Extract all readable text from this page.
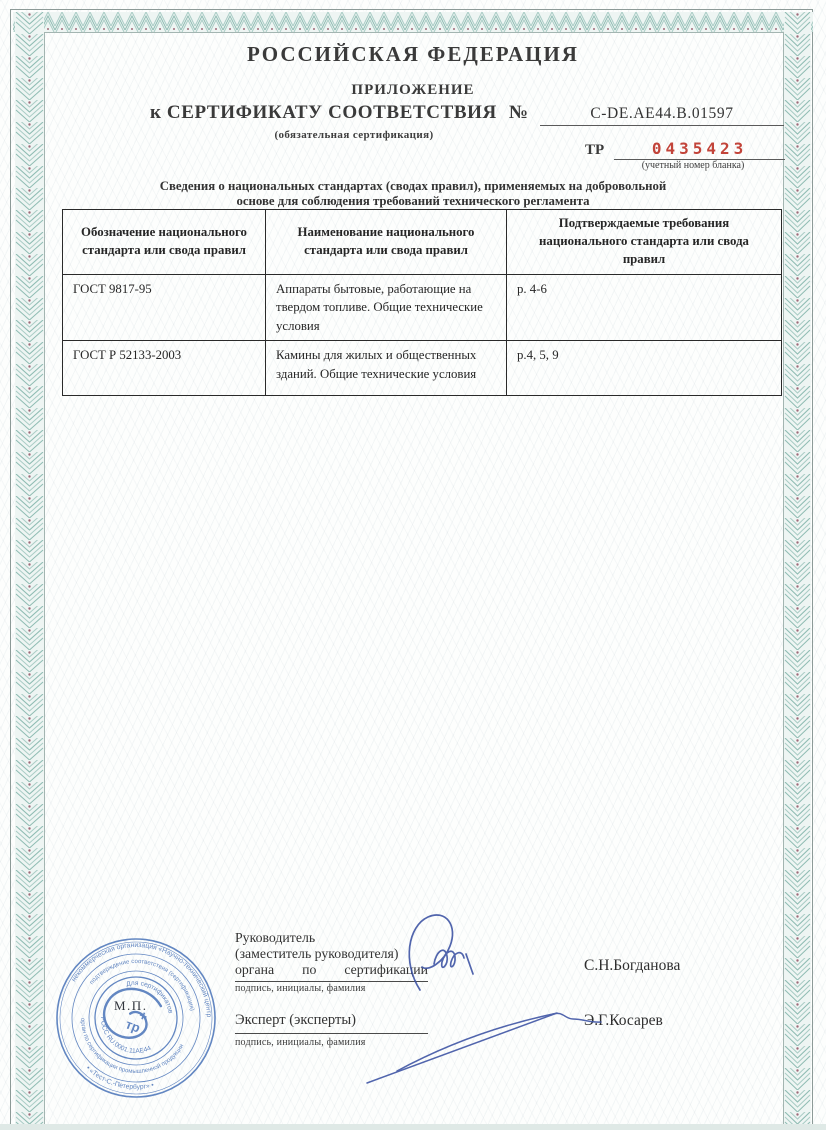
РОССИЙСКАЯ ФЕДЕРАЦИЯ
ПРИЛОЖЕНИЕ
к СЕРТИФИКАТУ СООТВЕТСТВИЯ №	C-DE.AE44.B.01597
(обязательная сертификация)
ТР	0435423
(учетный номер бланка)
Сведения о национальных стандартах (сводах правил), применяемых на добровольной
основе для соблюдения требований технического регламента
Обозначение национального стандарта или свода правил	Наименование национального стандарта или свода правил	Подтверждаемые требования национального стандарта или свода правил
ГОСТ 9817-95	Аппараты бытовые, работающие на твердом топливе. Общие технические условия	р. 4-6
ГОСТ Р 52133-2003	Камины для жилых и общественных зданий. Общие технические условия	р.4, 5, 9
Руководитель
(заместитель руководителя)
органа по сертификации
подпись, инициалы, фамилия
С.Н.Богданова
Эксперт (эксперты)
подпись, инициалы, фамилия
Э.Г.Косарев
М.П.
некоммерческая организация «Научно-технический центр
• «Тест-С.-Петербург» •
подтверждение соответствия (сертификация)
орган по сертификации промышленной продукции
Для сертификатов
РОСС RU.0001.11АЕ44
тр
